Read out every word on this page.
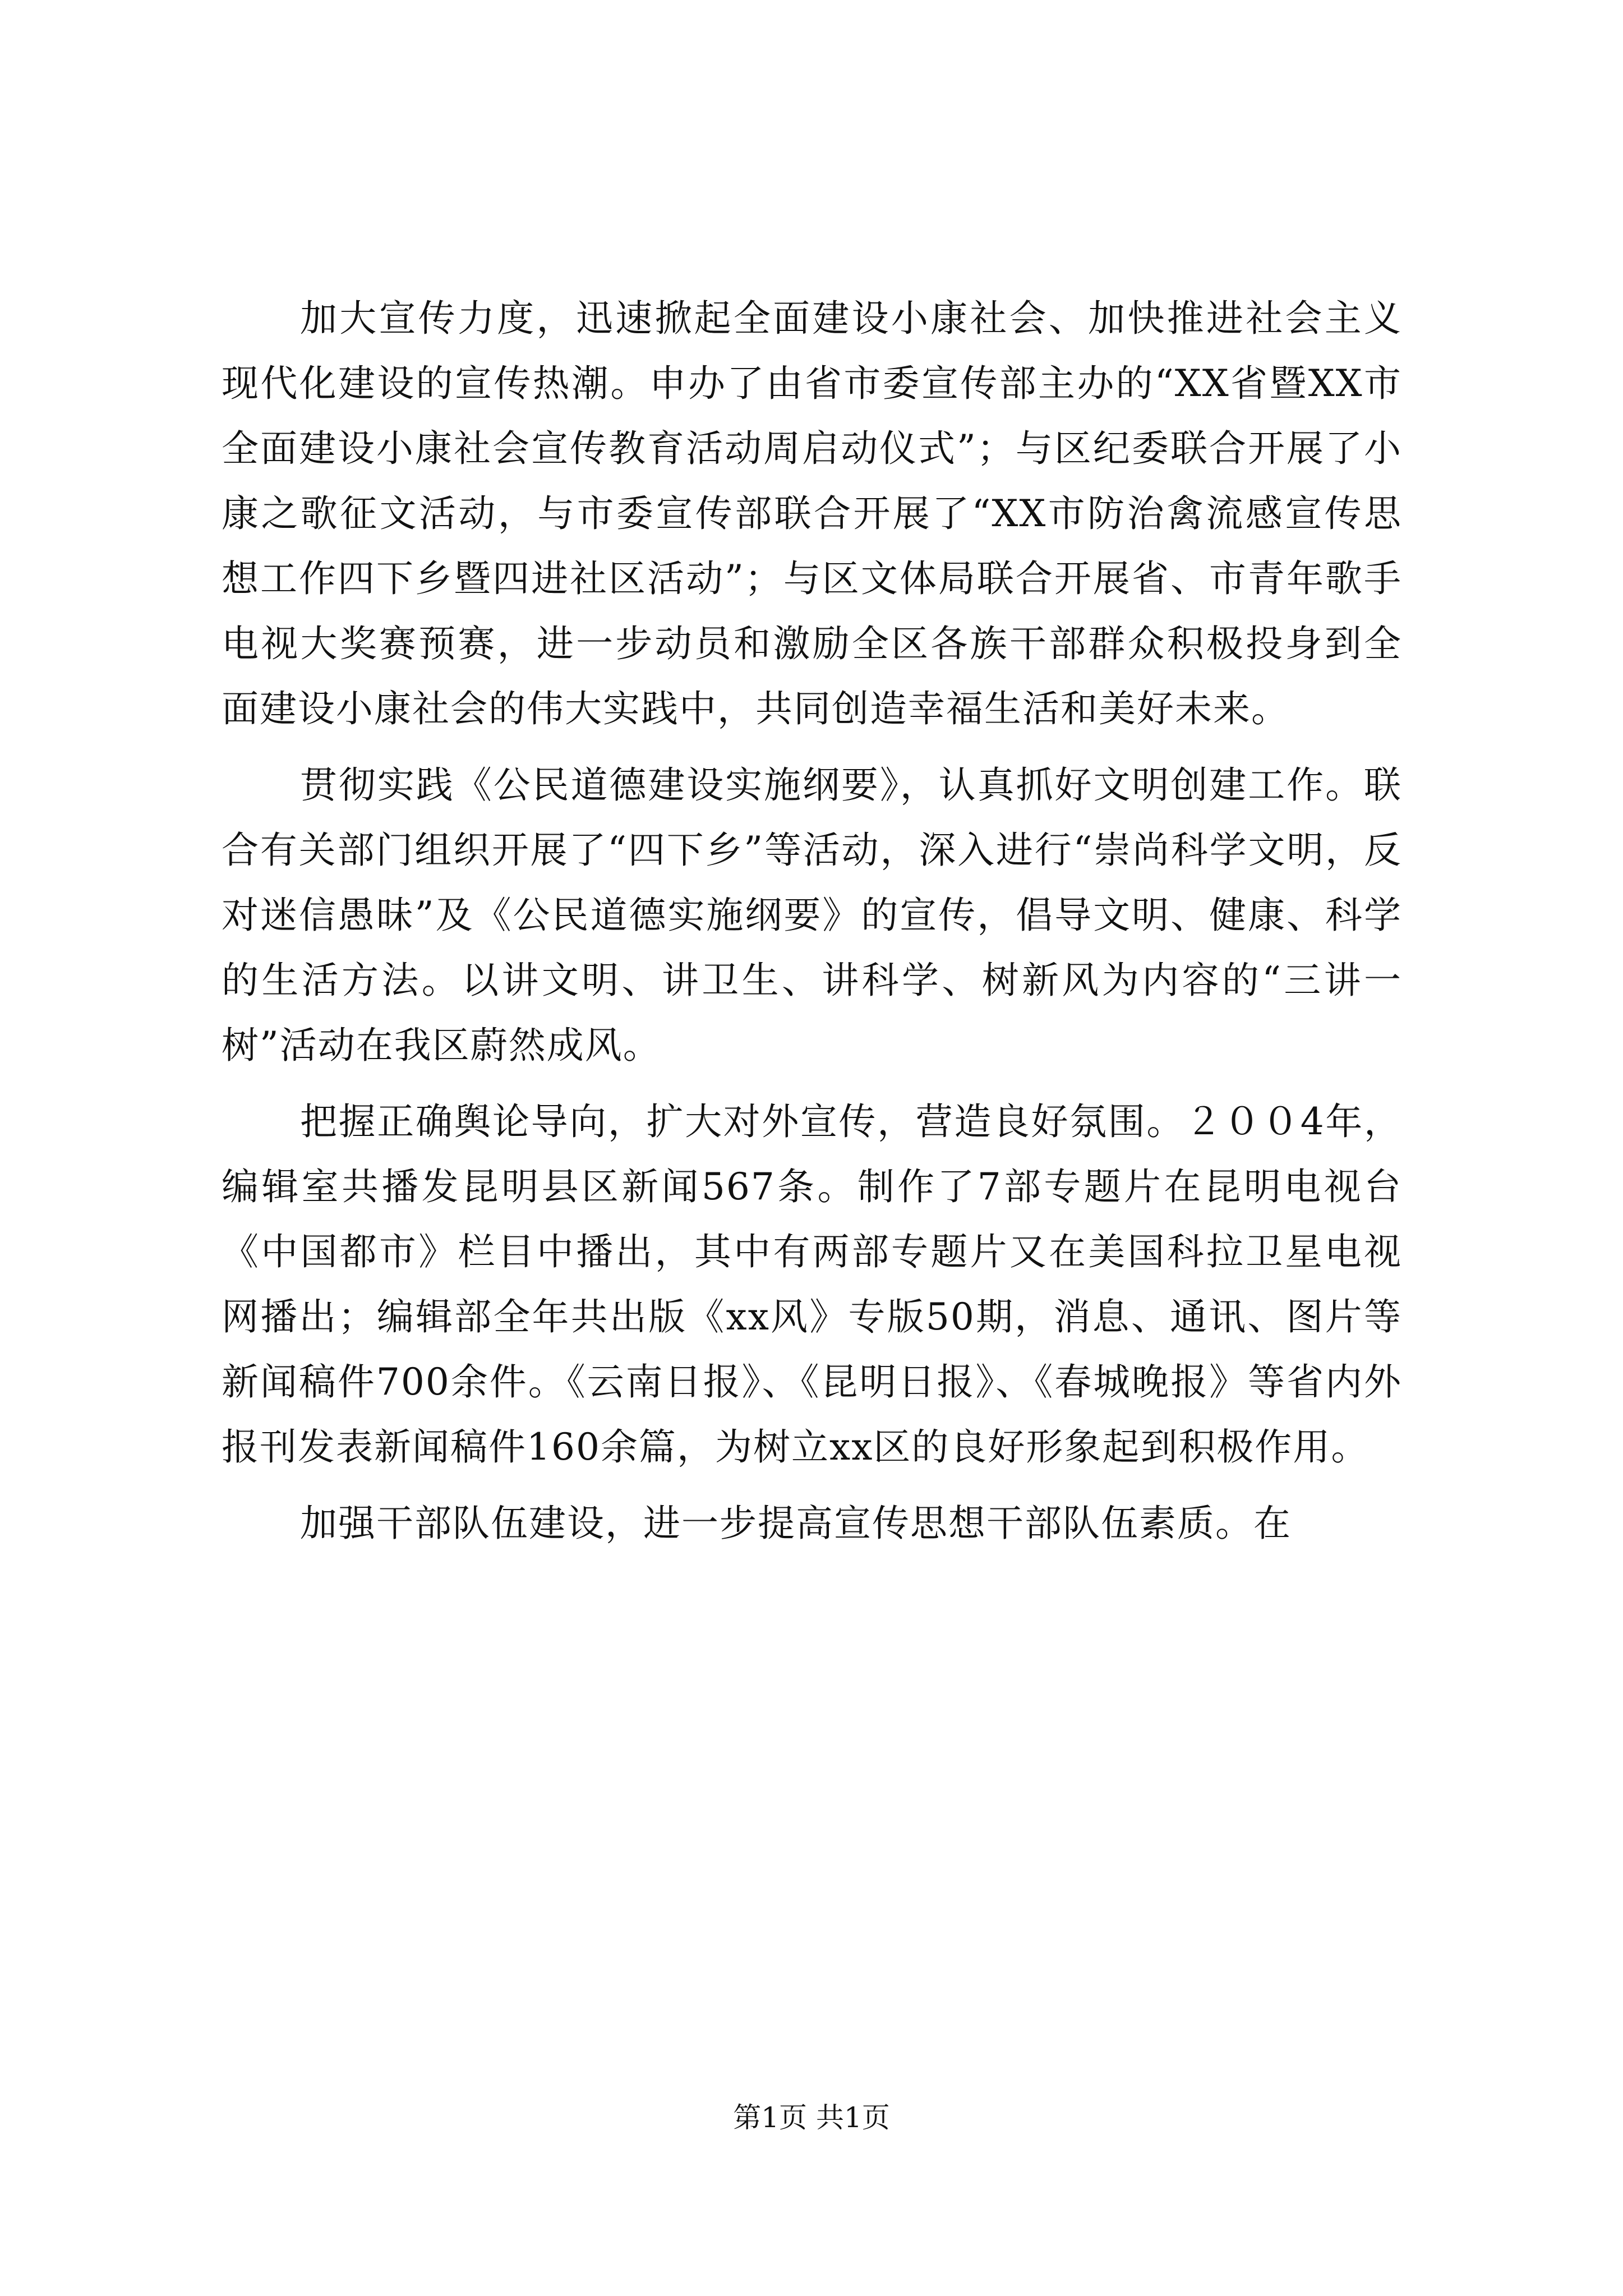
加大宣传力度，迅速掀起全面建设小康社会、加快推进社会主义现代化建设的宣传热潮。申办了由省市委宣传部主办的“XX省暨XX市全面建设小康社会宣传教育活动周启动仪式”；与区纪委联合开展了小康之歌征文活动，与市委宣传部联合开展了“XX市防治禽流感宣传思想工作四下乡暨四进社区活动”；与区文体局联合开展省、市青年歌手电视大奖赛预赛，进一步动员和激励全区各族干部群众积极投身到全面建设小康社会的伟大实践中，共同创造幸福生活和美好未来。

贯彻实践《公民道德建设实施纲要》，认真抓好文明创建工作。联合有关部门组织开展了“四下乡”等活动，深入进行“崇尚科学文明，反对迷信愚昧”及《公民道德实施纲要》的宣传，倡导文明、健康、科学的生活方法。以讲文明、讲卫生、讲科学、树新风为内容的“三讲一树”活动在我区蔚然成风。

把握正确舆论导向，扩大对外宣传，营造良好氛围。２００4年，编辑室共播发昆明县区新闻567条。制作了7部专题片在昆明电视台《中国都市》栏目中播出，其中有两部专题片又在美国科拉卫星电视网播出；编辑部全年共出版《xx风》专版50期，消息、通讯、图片等新闻稿件700余件。《云南日报》、《昆明日报》、《春城晚报》等省内外报刊发表新闻稿件160余篇，为树立xx区的良好形象起到积极作用。

加强干部队伍建设，进一步提高宣传思想干部队伍素质。在

第1页 共1页
